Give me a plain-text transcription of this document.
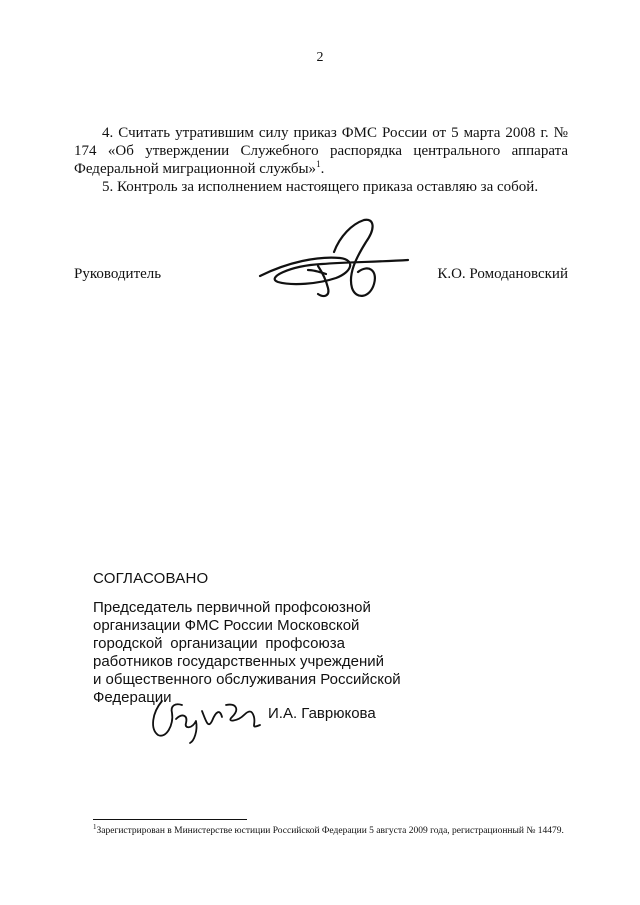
2
4. Считать утратившим силу приказ ФМС России от 5 марта 2008 г. № 174 «Об утверждении Служебного распорядка центрального аппарата Федеральной миграционной службы»$^1$.
5. Контроль за исполнением настоящего приказа оставляю за собой.
Руководитель	К.О. Ромодановский
СОГЛАСОВАНО
Председатель первичной профсоюзной
организации ФМС России Московской
городской организации профсоюза
работников государственных учреждений
и общественного обслуживания Российской
Федерации
И.А. Гаврюкова
$^1$Зарегистрирован в Министерстве юстиции Российской Федерации 5 августа 2009 года, регистрационный № 14479.
